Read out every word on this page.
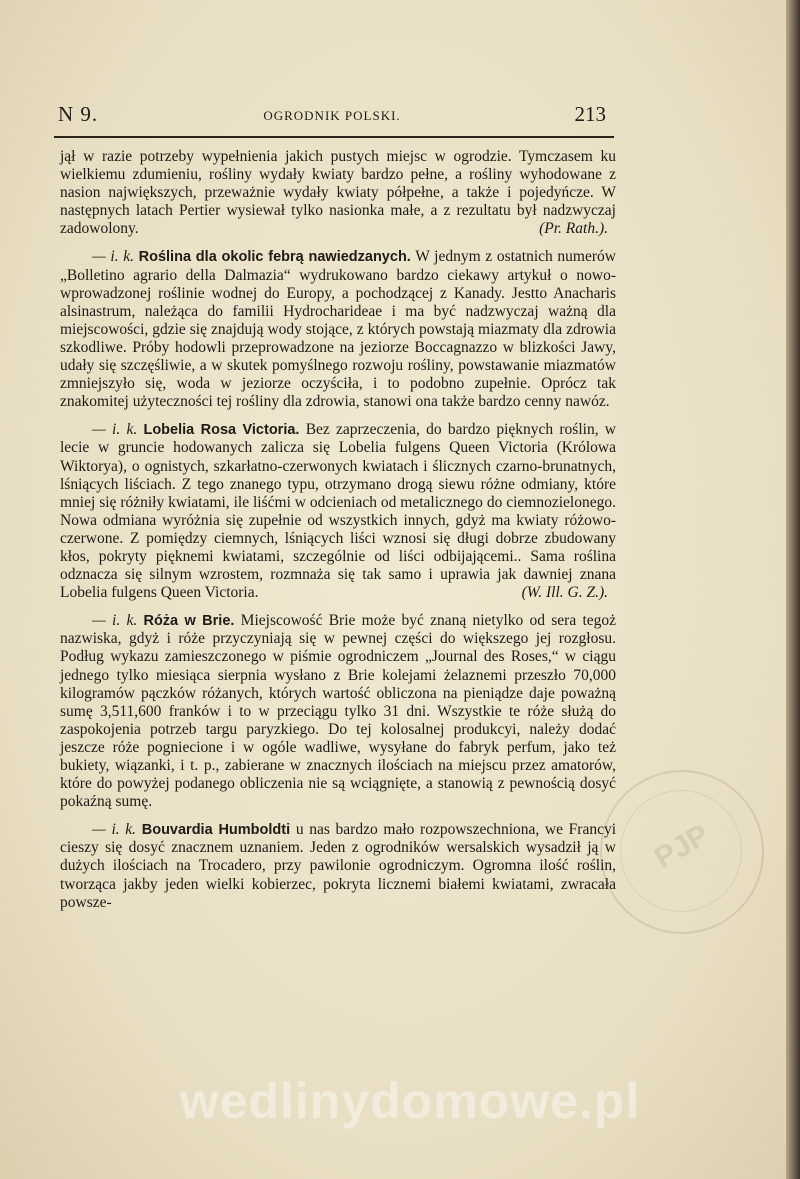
N 9.	OGRODNIK POLSKI.	213
PJP

jął w razie potrzeby wypełnienia jakich pustych miejsc w ogrodzie. Tymczasem ku wielkiemu zdumieniu, rośliny wydały kwiaty bardzo pełne, a rośliny wyhodowane z nasion największych, przeważnie wydały kwiaty półpełne, a także i pojedyńcze. W następnych latach Pertier wysiewał tylko nasionka małe, a z rezultatu był nadzwyczaj zadowolony.	(Pr. Rath.).

— i. k. Roślina dla okolic febrą nawiedzanych. W jednym z ostatnich numerów „Bolletino agrario della Dalmazia“ wydrukowano bardzo ciekawy artykuł o nowo-wprowadzonej roślinie wodnej do Europy, a pochodzącej z Kanady. Jestto Anacharis alsinastrum, należąca do familii Hydrocharideae i ma być nadzwyczaj ważną dla miejscowości, gdzie się znajdują wody stojące, z których powstają miazmaty dla zdrowia szkodliwe. Próby hodowli przeprowadzone na jeziorze Boccagnazzo w blizkości Jawy, udały się szczęśliwie, a w skutek pomyślnego rozwoju rośliny, powstawanie miazmatów zmniejszyło się, woda w jeziorze oczyściła, i to podobno zupełnie. Oprócz tak znakomitej użyteczności tej rośliny dla zdrowia, stanowi ona także bardzo cenny nawóz.

— i. k. Lobelia Rosa Victoria. Bez zaprzeczenia, do bardzo pięknych roślin, w lecie w gruncie hodowanych zalicza się Lobelia fulgens Queen Victoria (Królowa Wiktorya), o ognistych, szkarłatno-czerwonych kwiatach i ślicznych czarno-brunatnych, lśniących liściach. Z tego znanego typu, otrzymano drogą siewu różne odmiany, które mniej się różniły kwiatami, ile liśćmi w odcieniach od metalicznego do ciemnozielonego. Nowa odmiana wyróżnia się zupełnie od wszystkich innych, gdyż ma kwiaty różowo-czerwone. Z pomiędzy ciemnych, lśniących liści wznosi się długi dobrze zbudowany kłos, pokryty pięknemi kwiatami, szczególnie od liści odbijającemi.. Sama roślina odznacza się silnym wzrostem, rozmnaża się tak samo i uprawia jak dawniej znana Lobelia fulgens Queen Victoria.	(W. Ill. G. Z.).

— i. k. Róża w Brie. Miejscowość Brie może być znaną nietylko od sera tegoż nazwiska, gdyż i róże przyczyniają się w pewnej części do większego jej rozgłosu. Podług wykazu zamieszczonego w piśmie ogrodniczem „Journal des Roses,“ w ciągu jednego tylko miesiąca sierpnia wysłano z Brie kolejami żelaznemi przeszło 70,000 kilogramów pączków różanych, których wartość obliczona na pieniądze daje poważną sumę 3,511,600 franków i to w przeciągu tylko 31 dni. Wszystkie te róże służą do zaspokojenia potrzeb targu paryzkiego. Do tej kolosalnej produkcyi, należy dodać jeszcze róże pogniecione i w ogóle wadliwe, wysyłane do fabryk perfum, jako też bukiety, wiązanki, i t. p., zabierane w znacznych ilościach na miejscu przez amatorów, które do powyżej podanego obliczenia nie są wciągnięte, a stanowią z pewnością dosyć pokaźną sumę.

— i. k. Bouvardia Humboldti u nas bardzo mało rozpowszechniona, we Francyi cieszy się dosyć znacznem uznaniem. Jeden z ogrodników wersalskich wysadził ją w dużych ilościach na Trocadero, przy pawilonie ogrodniczym. Ogromna ilość roślin, tworząca jakby jeden wielki kobierzec, pokryta licznemi białemi kwiatami, zwracała powsze-

wedlinydomowe.pl
